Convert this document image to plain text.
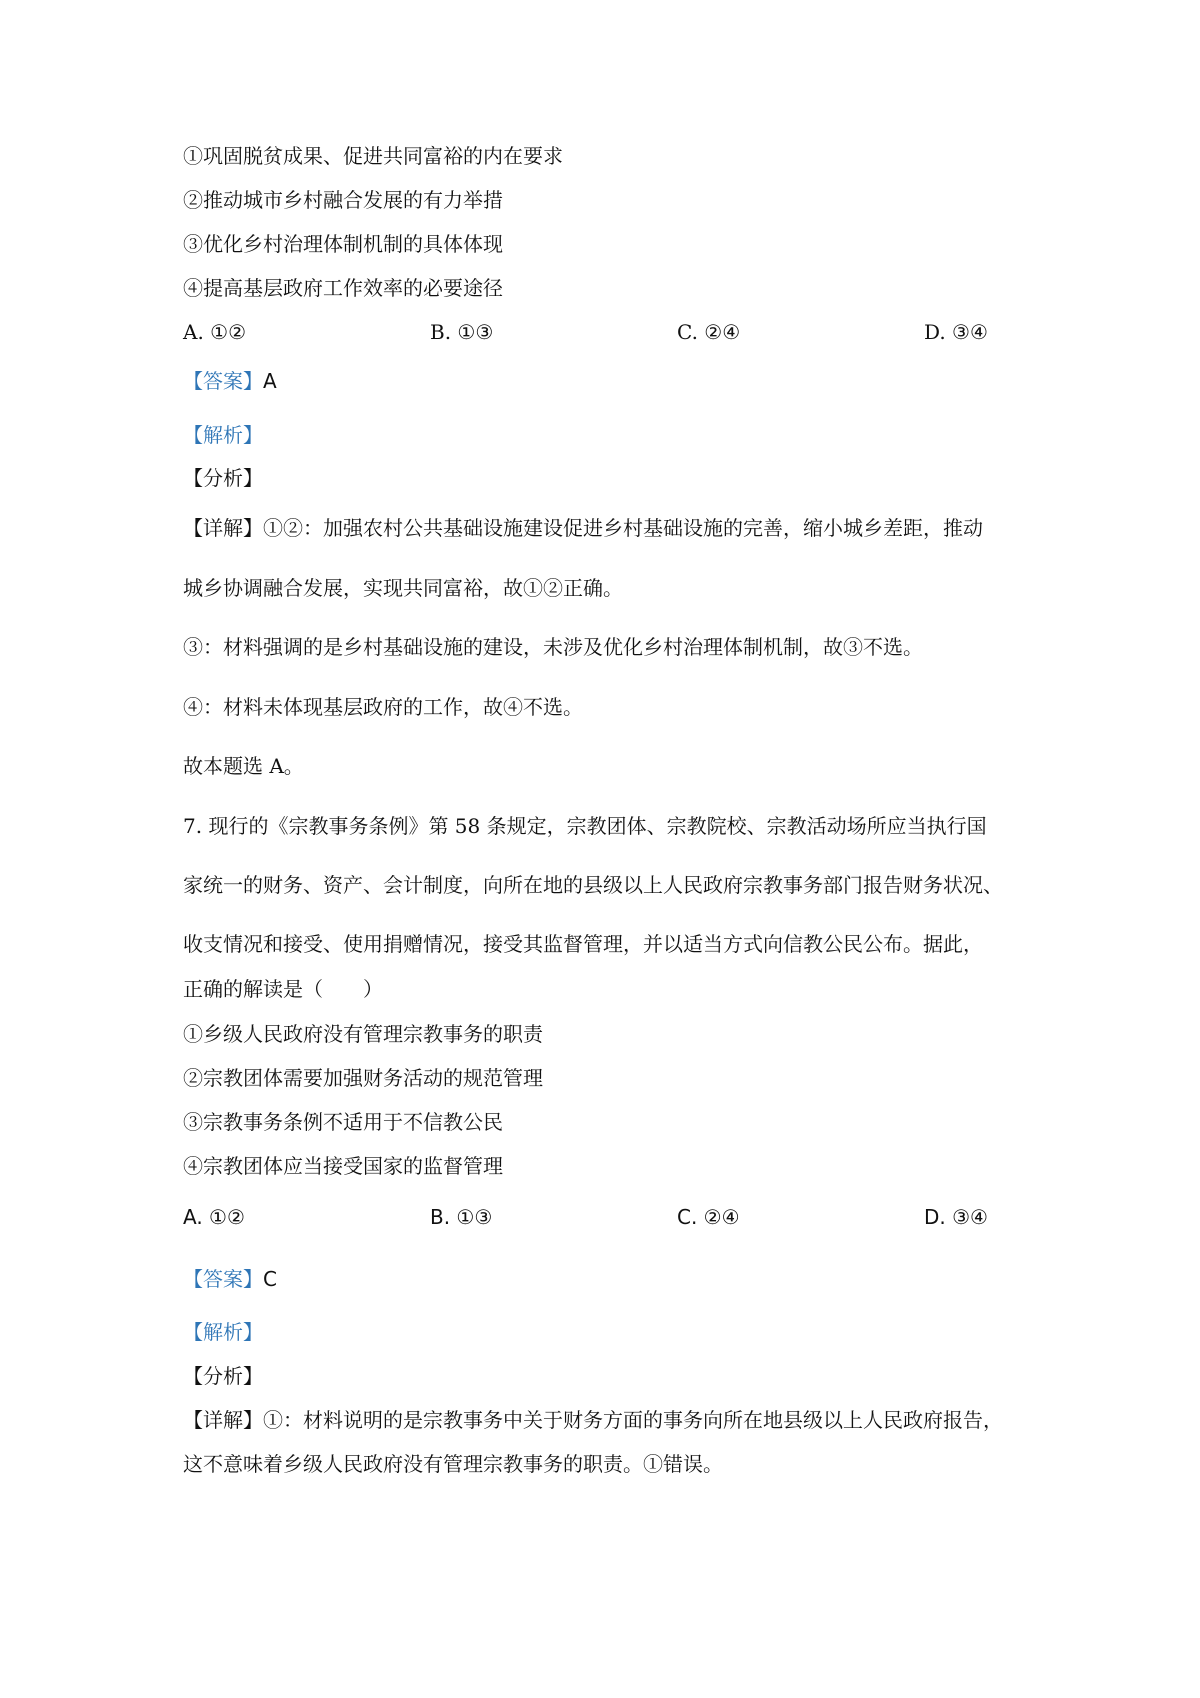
①巩固脱贫成果、促进共同富裕的内在要求
②推动城市乡村融合发展的有力举措
③优化乡村治理体制机制的具体体现
④提高基层政府工作效率的必要途径
A. ①②	B. ①③	C. ②④	D. ③④
【答案】A
【解析】
【分析】
【详解】①②：加强农村公共基础设施建设促进乡村基础设施的完善，缩小城乡差距，推动
城乡协调融合发展，实现共同富裕，故①②正确。
③：材料强调的是乡村基础设施的建设，未涉及优化乡村治理体制机制，故③不选。
④：材料未体现基层政府的工作，故④不选。
故本题选 A。
7. 现行的《宗教事务条例》第 58 条规定，宗教团体、宗教院校、宗教活动场所应当执行国
家统一的财务、资产、会计制度，向所在地的县级以上人民政府宗教事务部门报告财务状况、
收支情况和接受、使用捐赠情况，接受其监督管理，并以适当方式向信教公民公布。据此，
正确的解读是（　　）
①乡级人民政府没有管理宗教事务的职责
②宗教团体需要加强财务活动的规范管理
③宗教事务条例不适用于不信教公民
④宗教团体应当接受国家的监督管理
A. ①②	B. ①③	C. ②④	D. ③④
【答案】C
【解析】
【分析】
【详解】①：材料说明的是宗教事务中关于财务方面的事务向所在地县级以上人民政府报告，
这不意味着乡级人民政府没有管理宗教事务的职责。①错误。
